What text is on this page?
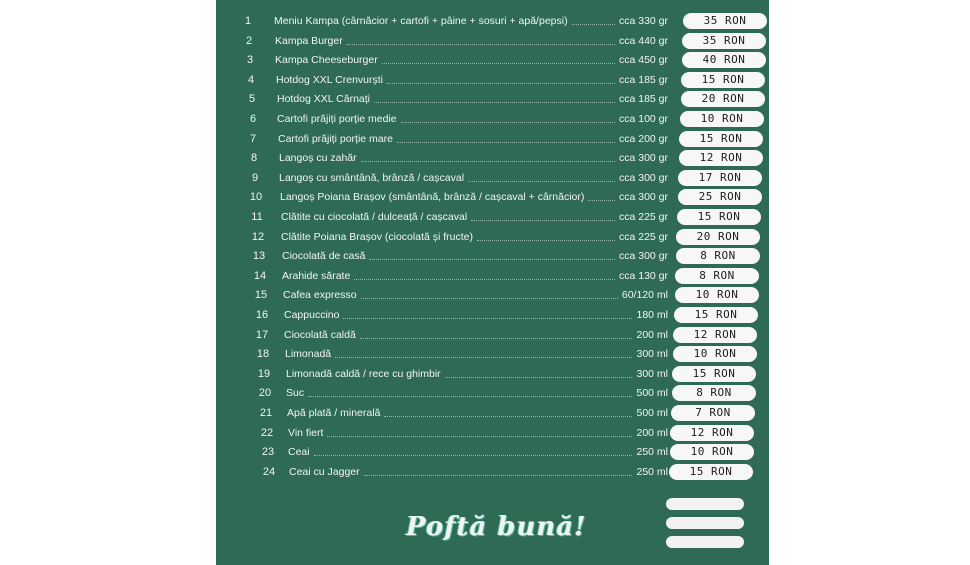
1	Meniu Kampa (cârnăcior + cartofi + pâine + sosuri + apă/pepsi)	cca 330 gr	35 RON
2	Kampa Burger	cca 440 gr	35 RON
3	Kampa Cheeseburger	cca 450 gr	40 RON
4	Hotdog XXL Crenvurști	cca 185 gr	15 RON
5	Hotdog XXL Cârnați	cca 185 gr	20 RON
6	Cartofi prăjiți porție medie	cca 100 gr	10 RON
7	Cartofi prăjiți porție mare	cca 200 gr	15 RON
8	Langoș cu zahăr	cca 300 gr	12 RON
9	Langoș cu smântână, brânză / cașcaval	cca 300 gr	17 RON
10	Langoș Poiana Brașov (smântână, brânză / cașcaval + cârnăcior)	cca 300 gr	25 RON
11	Clătite cu ciocolată / dulceață / cașcaval	cca 225 gr	15 RON
12	Clătite Poiana Brașov (ciocolată și fructe)	cca 225 gr	20 RON
13	Ciocolată de casă	cca 300 gr	8 RON
14	Arahide sărate	cca 130 gr	8 RON
15	Cafea expresso	60/120 ml	10 RON
16	Cappuccino	180 ml	15 RON
17	Ciocolată caldă	200 ml	12 RON
18	Limonadă	300 ml	10 RON
19	Limonadă caldă / rece cu ghimbir	300 ml	15 RON
20	Suc	500 ml	8 RON
21	Apă plată / minerală	500 ml	7 RON
22	Vin fiert	200 ml	12 RON
23	Ceai	250 ml	10 RON
24	Ceai cu Jagger	250 ml	15 RON
Poftă bună!
